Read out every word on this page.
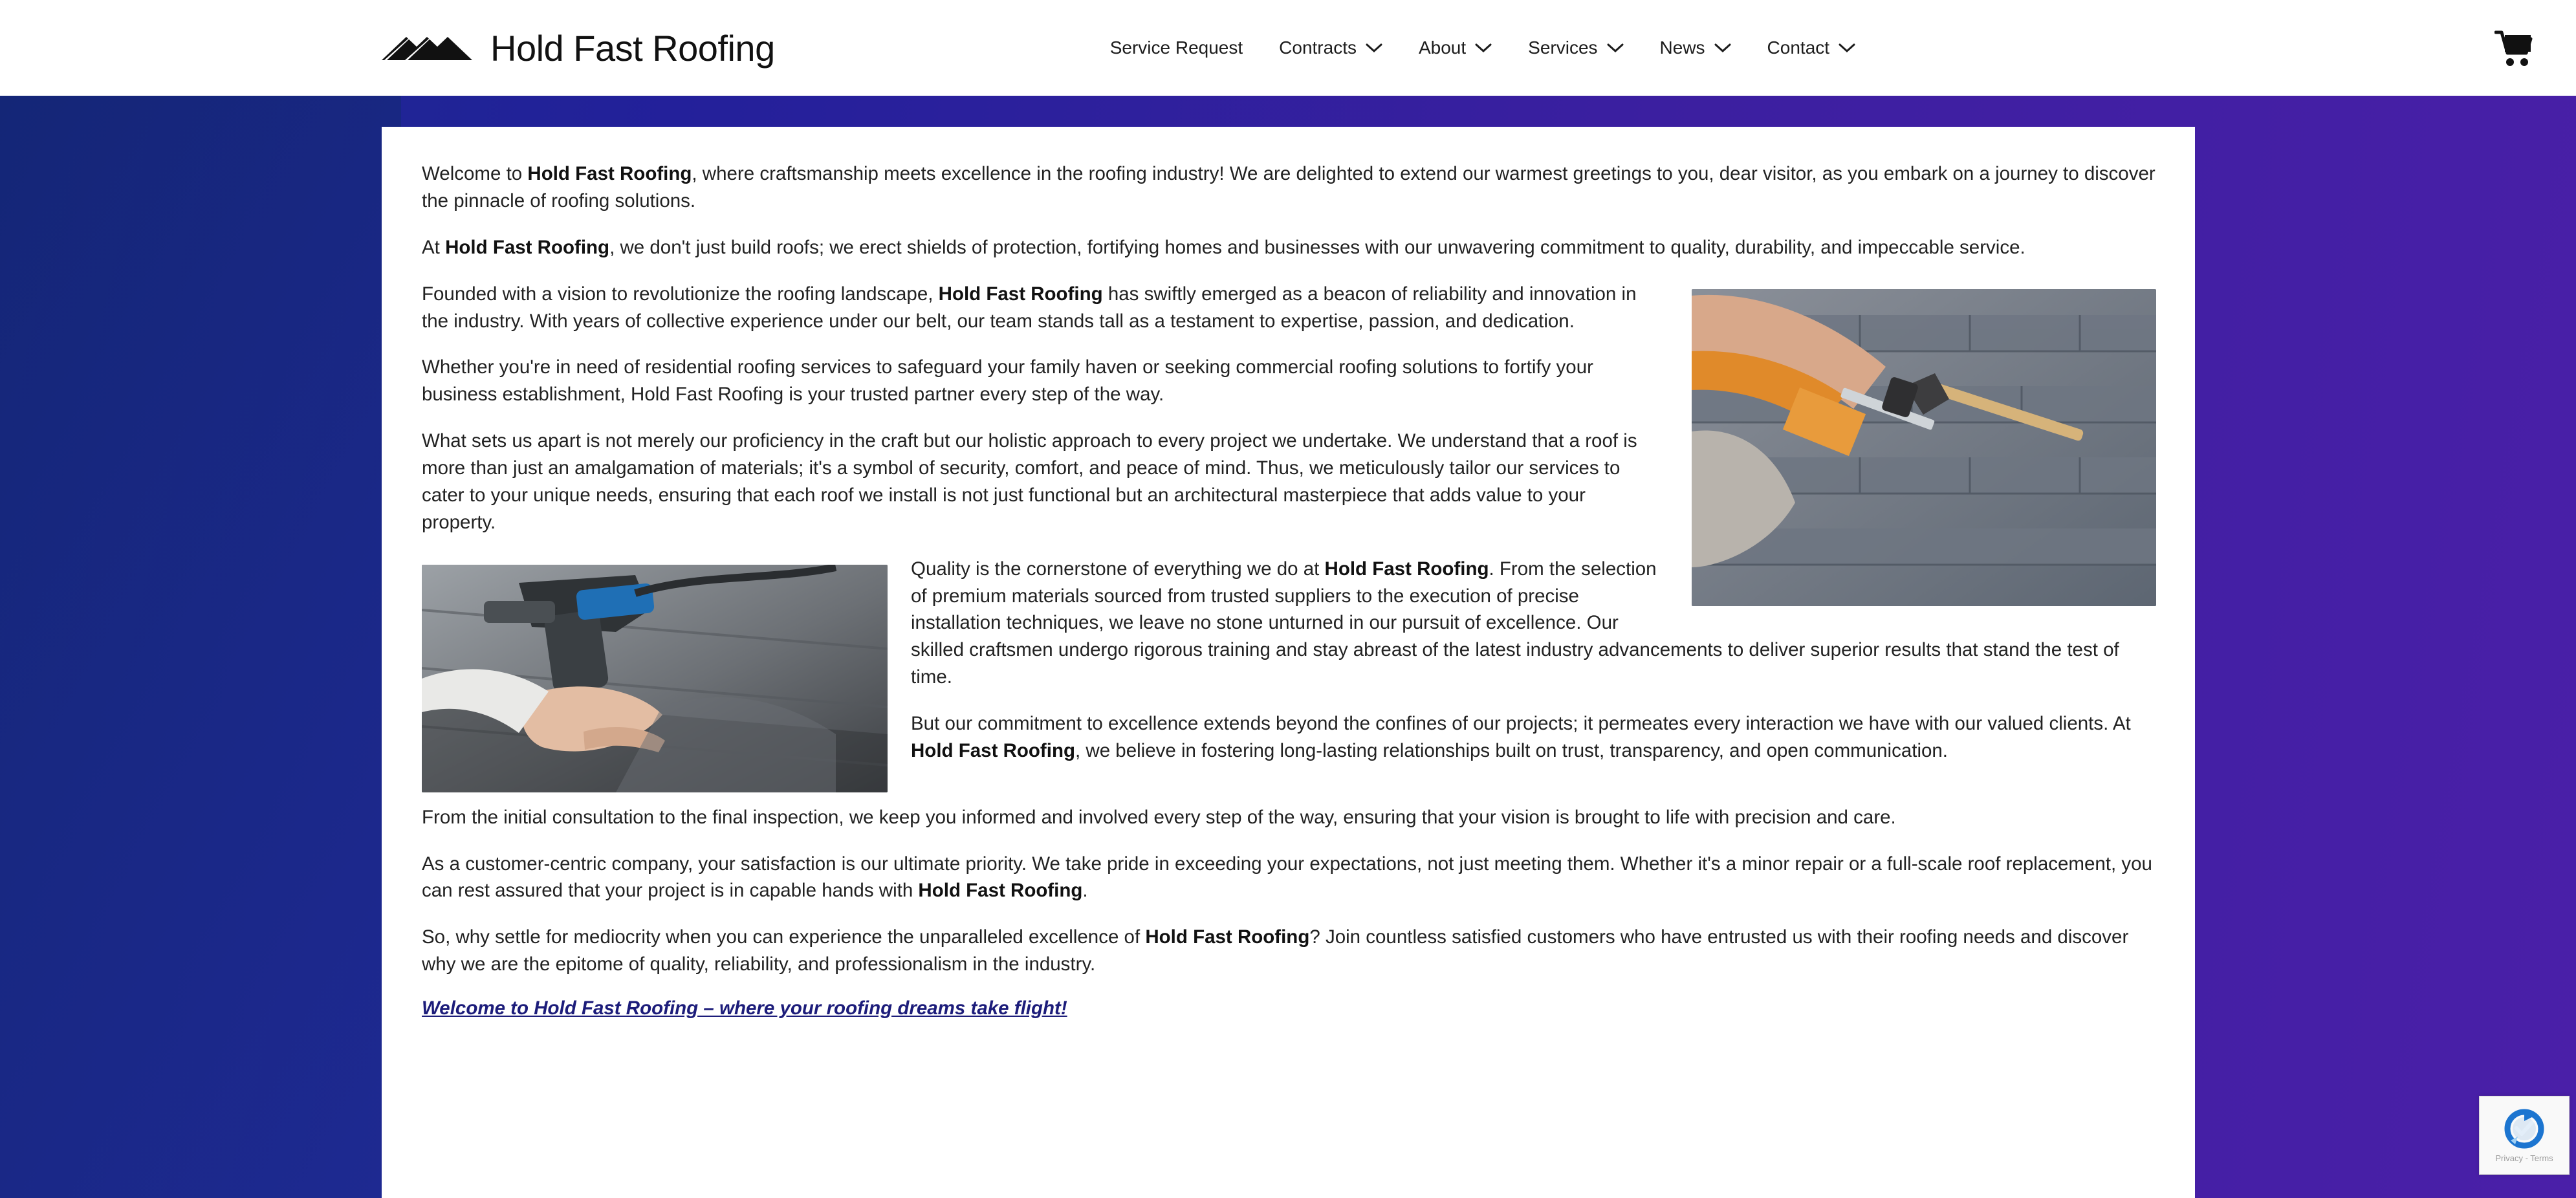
Hold Fast Roofing	Service Request Contracts	About	Services	News	Contact

Welcome to Hold Fast Roofing, where craftsmanship meets excellence in the roofing industry! We are delighted to extend our warmest greetings to you, dear visitor, as you embark on a journey to discover the pinnacle of roofing solutions.

At Hold Fast Roofing, we don't just build roofs; we erect shields of protection, fortifying homes and businesses with our unwavering commitment to quality, durability, and impeccable service.

Founded with a vision to revolutionize the roofing landscape, Hold Fast Roofing has swiftly emerged as a beacon of reliability and innovation in the industry. With years of collective experience under our belt, our team stands tall as a testament to expertise, passion, and dedication.

Whether you're in need of residential roofing services to safeguard your family haven or seeking commercial roofing solutions to fortify your business establishment, Hold Fast Roofing is your trusted partner every step of the way.

What sets us apart is not merely our proficiency in the craft but our holistic approach to every project we undertake. We understand that a roof is more than just an amalgamation of materials; it's a symbol of security, comfort, and peace of mind. Thus, we meticulously tailor our services to cater to your unique needs, ensuring that each roof we install is not just functional but an architectural masterpiece that adds value to your property.

Quality is the cornerstone of everything we do at Hold Fast Roofing. From the selection of premium materials sourced from trusted suppliers to the execution of precise installation techniques, we leave no stone unturned in our pursuit of excellence. Our skilled craftsmen undergo rigorous training and stay abreast of the latest industry advancements to deliver superior results that stand the test of time.

But our commitment to excellence extends beyond the confines of our projects; it permeates every interaction we have with our valued clients. At Hold Fast Roofing, we believe in fostering long-lasting relationships built on trust, transparency, and open communication.

From the initial consultation to the final inspection, we keep you informed and involved every step of the way, ensuring that your vision is brought to life with precision and care.

As a customer-centric company, your satisfaction is our ultimate priority. We take pride in exceeding your expectations, not just meeting them. Whether it's a minor repair or a full-scale roof replacement, you can rest assured that your project is in capable hands with Hold Fast Roofing.

So, why settle for mediocrity when you can experience the unparalleled excellence of Hold Fast Roofing? Join countless satisfied customers who have entrusted us with their roofing needs and discover why we are the epitome of quality, reliability, and professionalism in the industry.

Welcome to Hold Fast Roofing – where your roofing dreams take flight!
Privacy - Terms
